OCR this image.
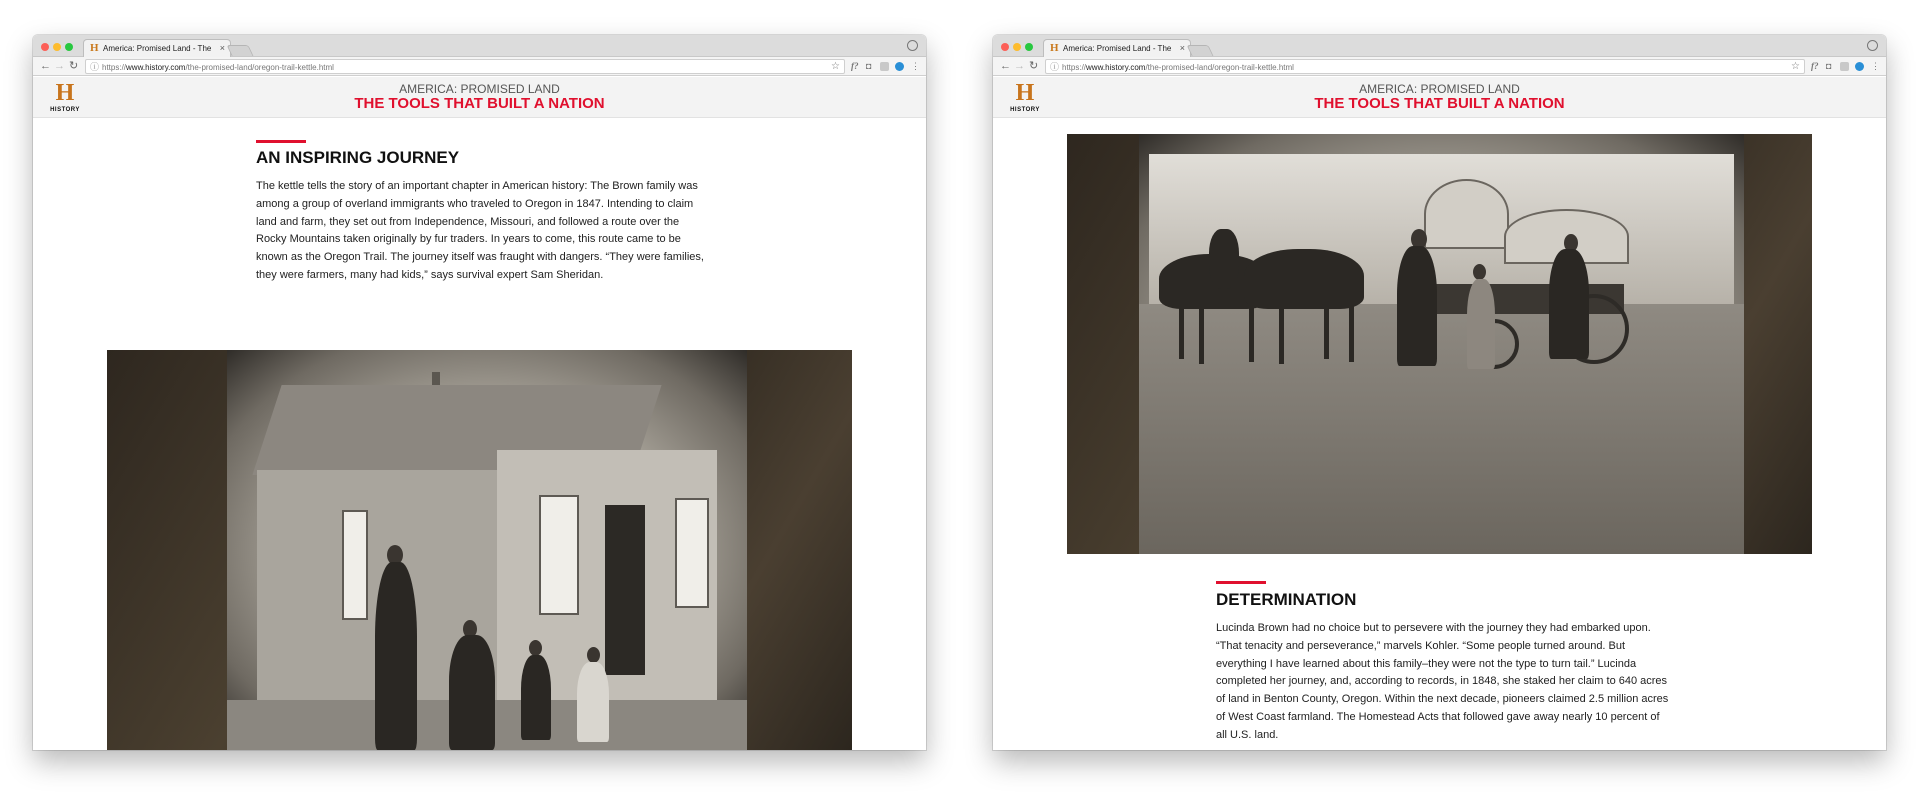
H America: Promised Land - The ×
← → ↻ ⓘ https://www.history.com/the-promised-land/oregon-trail-kettle.html	☆ f? ◘	⋮
H
HISTORY
AMERICA: PROMISED LAND
THE TOOLS THAT BUILT A NATION
AN INSPIRING JOURNEY
The kettle tells the story of an important chapter in American history: The Brown family was among a group of overland immigrants who traveled to Oregon in 1847. Intending to claim land and farm, they set out from Independence, Missouri, and followed a route over the Rocky Mountains taken originally by fur traders. In years to come, this route came to be known as the Oregon Trail. The journey itself was fraught with dangers. “They were families, they were farmers, many had kids,” says survival expert Sam Sheridan.
H America: Promised Land - The ×
← → ↻ ⓘ https://www.history.com/the-promised-land/oregon-trail-kettle.html	☆ f? ◘	⋮
H
HISTORY
AMERICA: PROMISED LAND
THE TOOLS THAT BUILT A NATION
DETERMINATION
Lucinda Brown had no choice but to persevere with the journey they had embarked upon. “That tenacity and perseverance,” marvels Kohler. “Some people turned around. But everything I have learned about this family–they were not the type to turn tail.” Lucinda completed her journey, and, according to records, in 1848, she staked her claim to 640 acres of land in Benton County, Oregon. Within the next decade, pioneers claimed 2.5 million acres of West Coast farmland. The Homestead Acts that followed gave away nearly 10 percent of all U.S. land.
